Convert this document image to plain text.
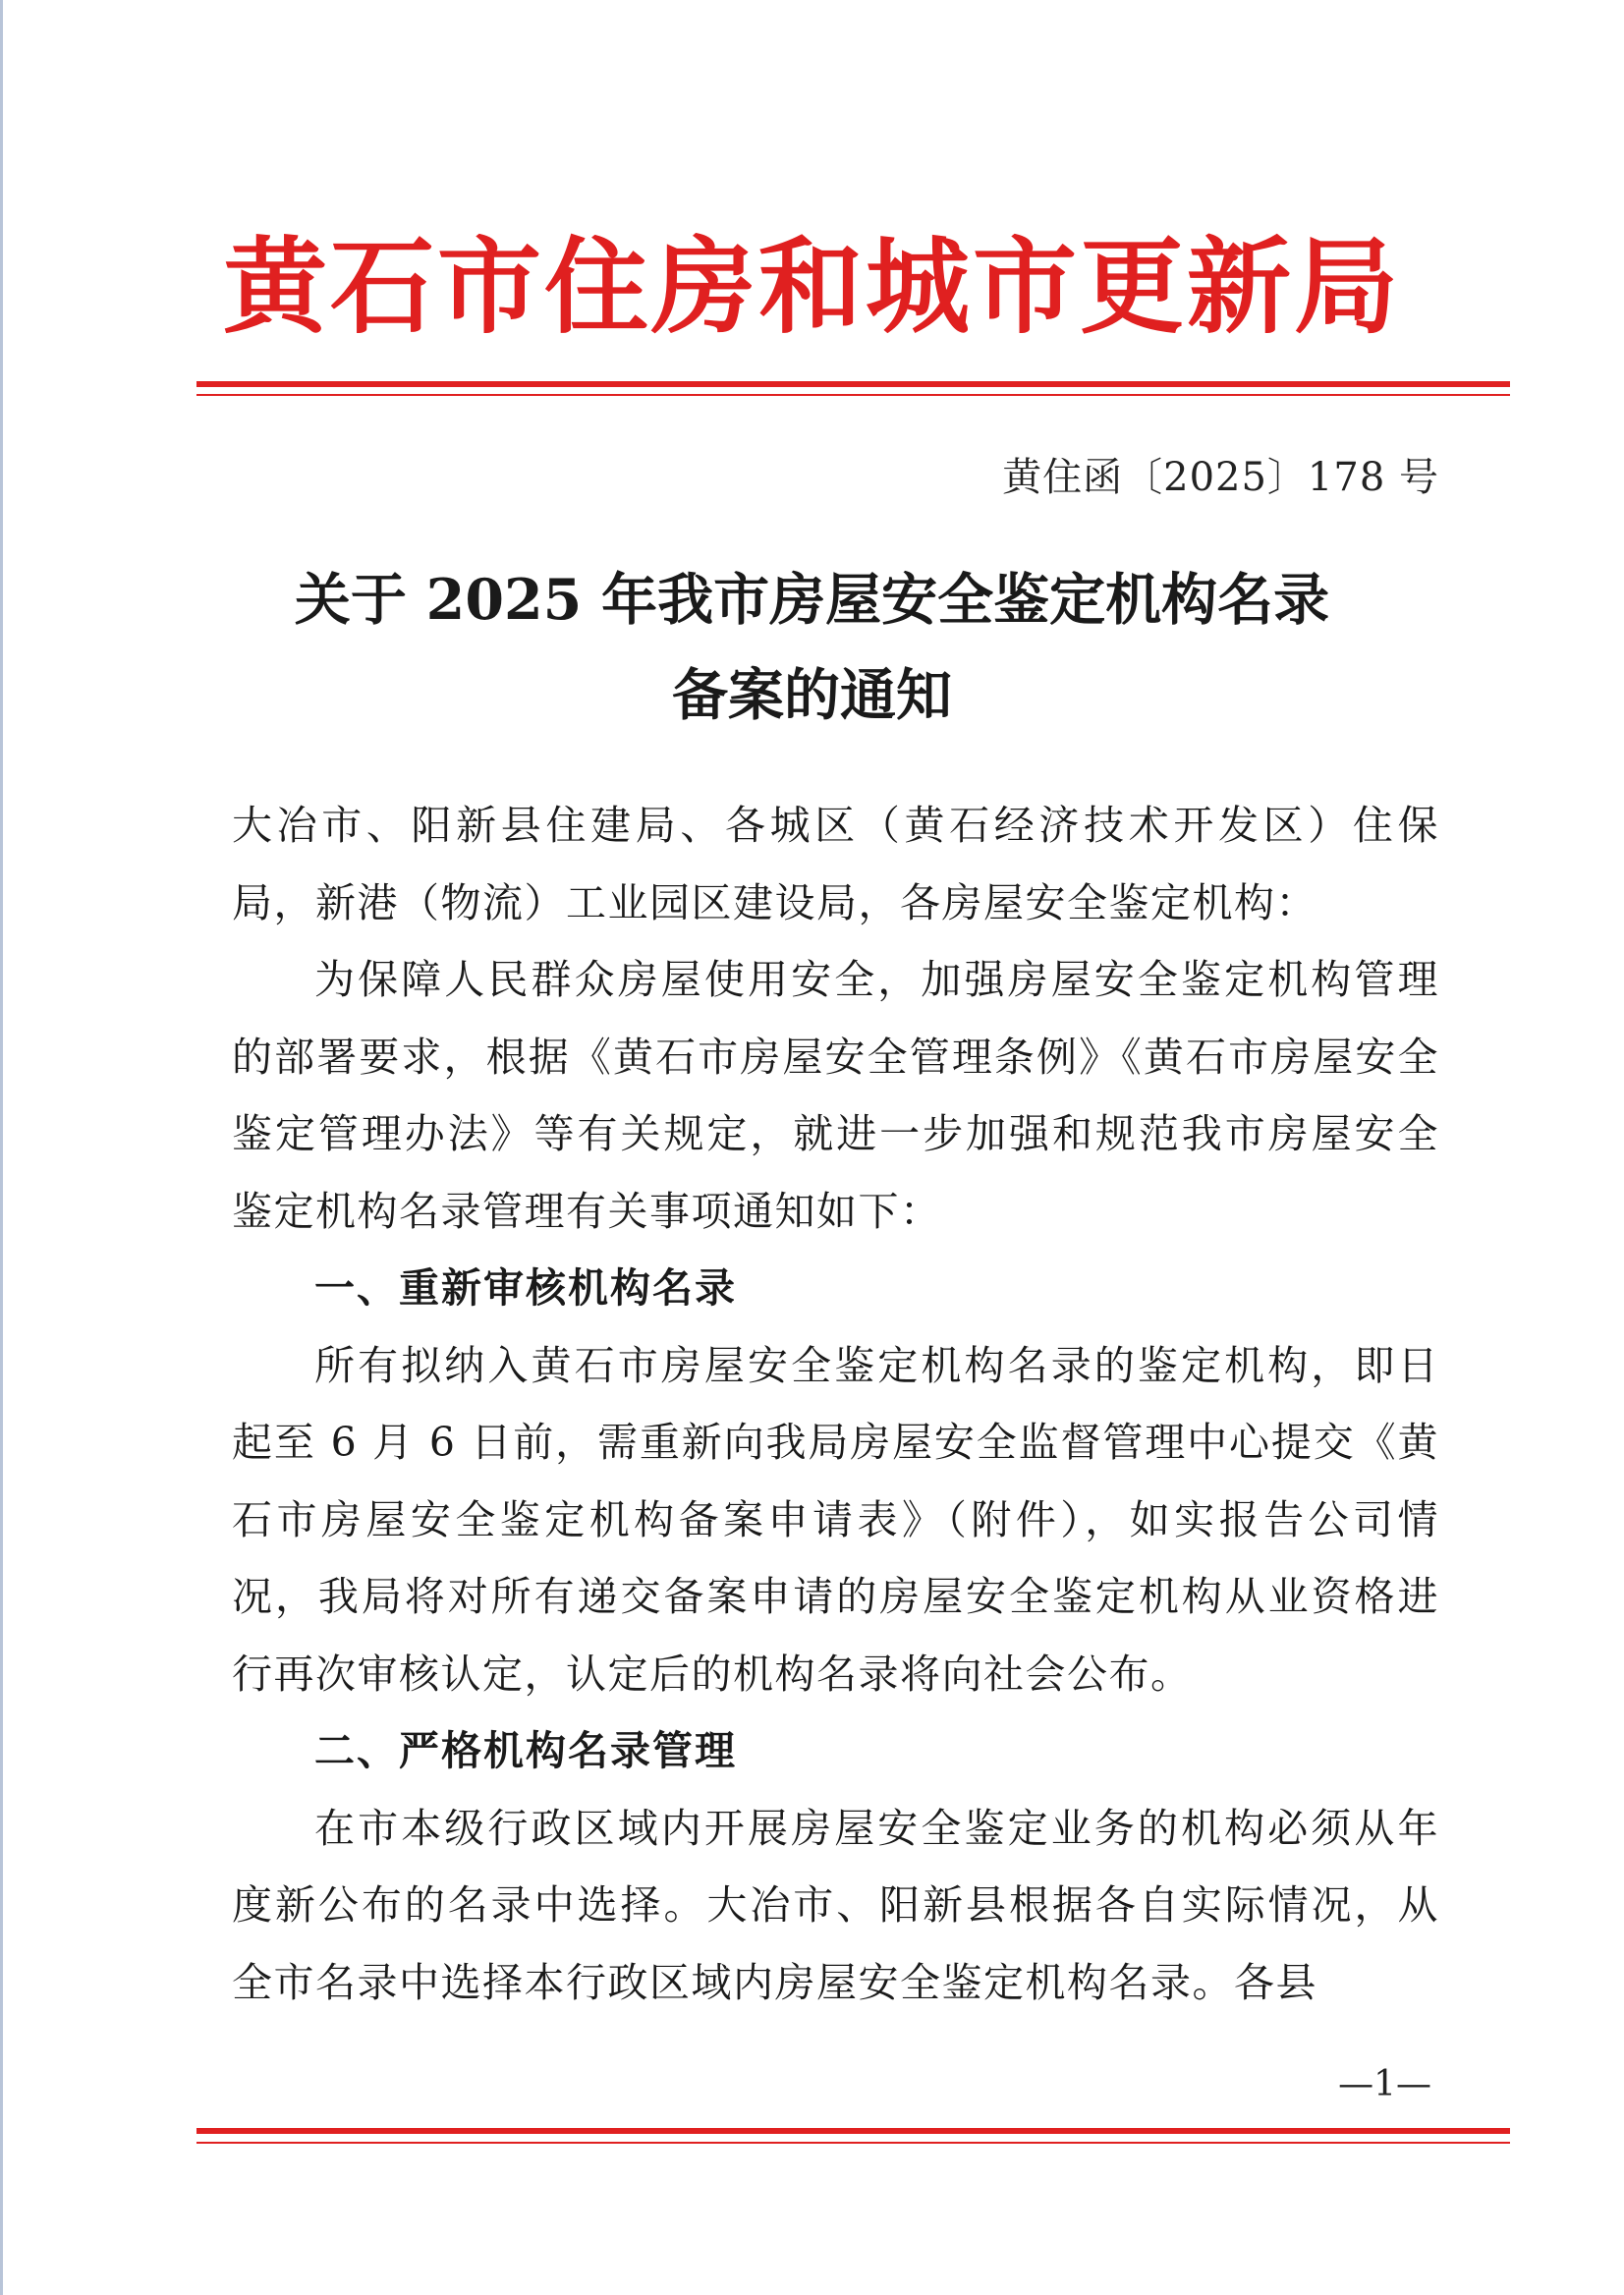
黄石市住房和城市更新局
黄住函〔2025〕178 号
关于 2025 年我市房屋安全鉴定机构名录
备案的通知

大冶市、阳新县住建局、各城区（黄石经济技术开发区）住保局，新港（物流）工业园区建设局，各房屋安全鉴定机构：

为保障人民群众房屋使用安全，加强房屋安全鉴定机构管理的部署要求，根据《黄石市房屋安全管理条例》《黄石市房屋安全鉴定管理办法》等有关规定，就进一步加强和规范我市房屋安全鉴定机构名录管理有关事项通知如下：

一、重新审核机构名录

所有拟纳入黄石市房屋安全鉴定机构名录的鉴定机构，即日起至 6 月 6 日前，需重新向我局房屋安全监督管理中心提交《黄石市房屋安全鉴定机构备案申请表》（附件），如实报告公司情况，我局将对所有递交备案申请的房屋安全鉴定机构从业资格进行再次审核认定，认定后的机构名录将向社会公布。

二、严格机构名录管理

在市本级行政区域内开展房屋安全鉴定业务的机构必须从年度新公布的名录中选择。大冶市、阳新县根据各自实际情况，从全市名录中选择本行政区域内房屋安全鉴定机构名录。各县

—1—
